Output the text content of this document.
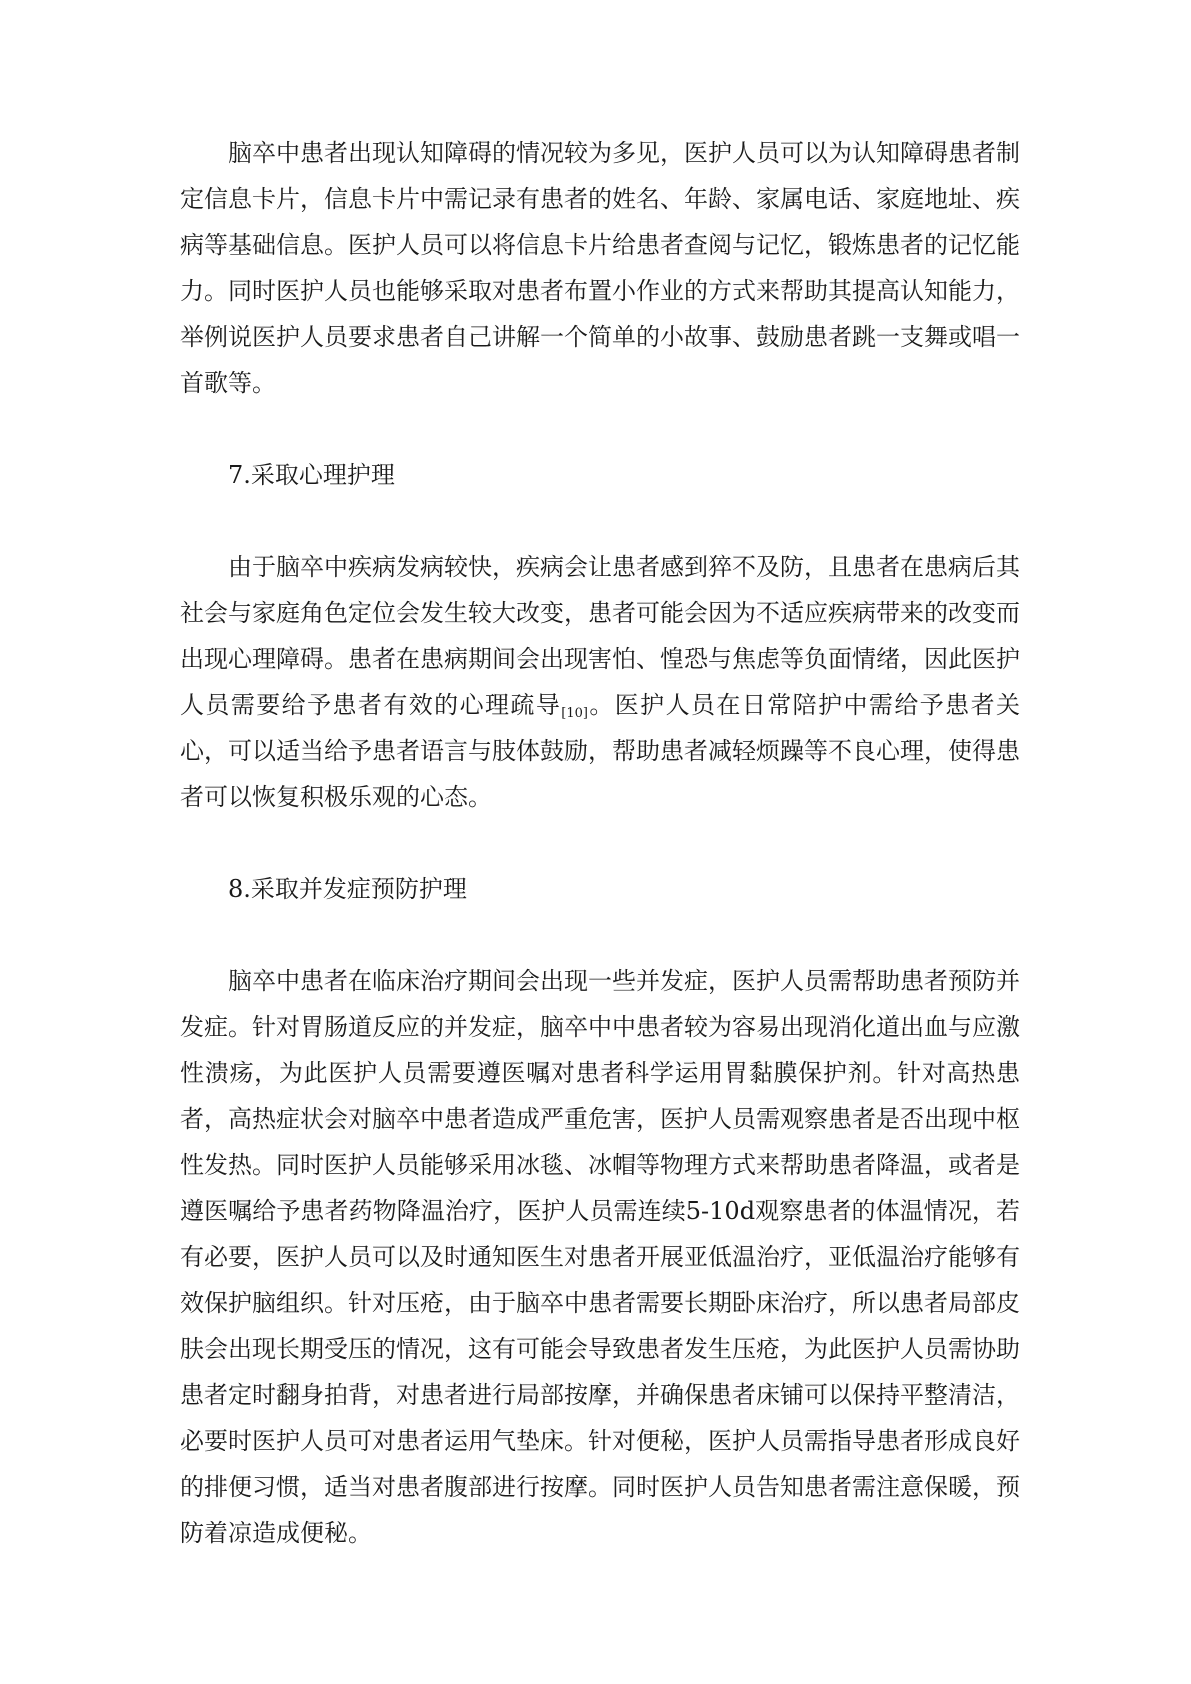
脑卒中患者出现认知障碍的情况较为多见，医护人员可以为认知障碍患者制定信息卡片，信息卡片中需记录有患者的姓名、年龄、家属电话、家庭地址、疾病等基础信息。医护人员可以将信息卡片给患者查阅与记忆，锻炼患者的记忆能力。同时医护人员也能够采取对患者布置小作业的方式来帮助其提高认知能力，举例说医护人员要求患者自己讲解一个简单的小故事、鼓励患者跳一支舞或唱一首歌等。

7.采取心理护理

由于脑卒中疾病发病较快，疾病会让患者感到猝不及防，且患者在患病后其社会与家庭角色定位会发生较大改变，患者可能会因为不适应疾病带来的改变而出现心理障碍。患者在患病期间会出现害怕、惶恐与焦虑等负面情绪，因此医护人员需要给予患者有效的心理疏导[10]。医护人员在日常陪护中需给予患者关心，可以适当给予患者语言与肢体鼓励，帮助患者减轻烦躁等不良心理，使得患者可以恢复积极乐观的心态。

8.采取并发症预防护理

脑卒中患者在临床治疗期间会出现一些并发症，医护人员需帮助患者预防并发症。针对胃肠道反应的并发症，脑卒中中患者较为容易出现消化道出血与应激性溃疡，为此医护人员需要遵医嘱对患者科学运用胃黏膜保护剂。针对高热患者，高热症状会对脑卒中患者造成严重危害，医护人员需观察患者是否出现中枢性发热。同时医护人员能够采用冰毯、冰帽等物理方式来帮助患者降温，或者是遵医嘱给予患者药物降温治疗，医护人员需连续5-10d观察患者的体温情况，若有必要，医护人员可以及时通知医生对患者开展亚低温治疗，亚低温治疗能够有效保护脑组织。针对压疮，由于脑卒中患者需要长期卧床治疗，所以患者局部皮肤会出现长期受压的情况，这有可能会导致患者发生压疮，为此医护人员需协助患者定时翻身拍背，对患者进行局部按摩，并确保患者床铺可以保持平整清洁，必要时医护人员可对患者运用气垫床。针对便秘，医护人员需指导患者形成良好的排便习惯，适当对患者腹部进行按摩。同时医护人员告知患者需注意保暖，预防着凉造成便秘。
